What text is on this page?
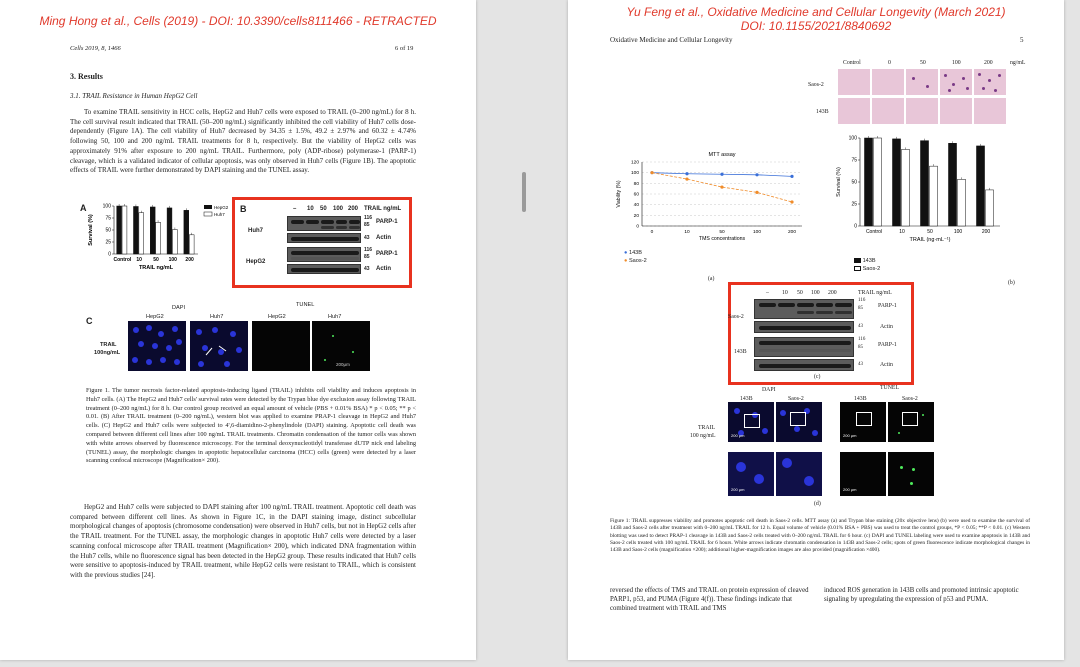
Ming Hong et al., Cells (2019) - DOI: 10.3390/cells8111466 - RETRACTED
Cells 2019, 8, 1466	6 of 19
3. Results
3.1. TRAIL Resistance in Human HepG2 Cell

To examine TRAIL sensitivity in HCC cells, HepG2 and Huh7 cells were exposed to TRAIL (0–200 ng/mL) for 8 h. The cell survival result indicated that TRAIL (50–200 ng/mL) significantly inhibited the cell viability of Huh7 cells dose-dependently (Figure 1A). The cell viability of Huh7 decreased by 34.35 ± 1.5%, 49.2 ± 2.97% and 60.32 ± 4.74% following 50, 100 and 200 ng/mL TRAIL treatments for 8 h, respectively. But the viability of HepG2 cells was approximately 91% after exposure to 200 ng/mL TRAIL. Furthermore, poly (ADP-ribose) polymerase-1 (PARP-1) cleavage, which is a validated indicator of cellular apoptosis, was only observed in Huh7 cells (Figure 1B). The apoptotic effects of TRAIL were further demonstrated by DAPI staining and the TUNEL assay.

A
0
25
50
75
100
Control 10 50 100 200
TRAIL ng/mL
Survival (%)
HepG2
Huh7
B	– 10 50 100 200 TRAIL ng/mL
Huh7
HepG2
116
85 PARP-1
43 Actin
116
85 PARP-1
43 Actin
C
DAPI	TUNEL
HepG2	Huh7	HepG2	Huh7
TRAIL
100ng/mL
200μm

Figure 1. The tumor necrosis factor-related apoptosis-inducing ligand (TRAIL) inhibits cell viability and induces apoptosis in Huh7 cells. (A) The HepG2 and Huh7 cells' survival rates were detected by the Trypan blue dye exclusion assay following TRAIL treatment (0–200 ng/mL) for 8 h. Our control group received an equal amount of vehicle (PBS + 0.01% BSA) * p < 0.05; ** p < 0.01. (B) After TRAIL treatment (0–200 ng/mL), western blot was applied to examine PRAP-1 cleavage in HepG2 and Huh7 cells. (C) HepG2 and Huh7 cells were subjected to 4',6-diamidino-2-phenylindole (DAPI) staining. Apoptotic cell death was compared between different cell lines after 100 ng/mL TRAIL treatments. Chromatin condensation of the tumor cells was shown with white arrows observed by fluorescence microscopy. For the terminal deoxynucleotidyl transferase dUTP nick end labeling (TUNEL) assay, the morphologic changes in apoptotic hepatocellular carcinoma (HCC) cells (green) were detected by a laser scanning confocal microscope (Magnification× 200).

HepG2 and Huh7 cells were subjected to DAPI staining after 100 ng/mL TRAIL treatment. Apoptotic cell death was compared between different cell lines. As shown in Figure 1C, in the DAPI staining image, distinct subcellular morphological changes of apoptosis (chromosome condensation) were observed in Huh7 cells, but not in HepG2 cells after the TRAIL treatment. For the TUNEL assay, the morphologic changes in apoptotic Huh7 cells were detected by a laser scanning confocal microscope after TRAIL treatment (Magnification× 200), which indicated DNA fragmentation within the Huh7 cells, while no fluorescence signal has been detected in the HepG2 group. These results indicated that Huh7 cells were sensitive to apoptosis-induced by TRAIL treatment, while HepG2 cells were resistant to TRAIL, which is consistent with the previous studies [24].

Yu Feng et al., Oxidative Medicine and Cellular Longevity (March 2021)
DOI: 10.1155/2021/8840692
Oxidative Medicine and Cellular Longevity	5
Control	0	50	100	200	ng/mL
Saos-2
143B
MTT assay
0
20
40
60
80
100
120
0	10	50	100	200
TMS concentrations
Viability (%)
● 143B
● Saos-2
(a)
0
25
50
75
100
Control	10	50	100	200
TRAIL (ng·mL⁻¹)
Survival (%)
143B
Saos-2
(b)
– 10 50 100 200	TRAIL ng/mL
Saos-2
143B
116
85	PARP-1
43	Actin
116
85	PARP-1
43	Actin
(c)
DAPI	TUNEL
143B	Saos-2	143B	Saos-2
TRAIL
100 ng/mL	200 μm
200 μm
200 μm
200 μm
(d)

Figure 1: TRAIL suppresses viability and promotes apoptotic cell death in Saos-2 cells. MTT assay (a) and Trypan blue staining (20x objective lens) (b) were used to examine the survival of 143B and Saos-2 cells after treatment with 0–200 ng/mL TRAIL for 12 h. Equal volume of vehicle (0.01% BSA + PBS) was used to treat the control groups, *P < 0.05; **P < 0.01. (c) Western blotting was used to detect PRAP-1 cleavage in 143B and Saos-2 cells treated with 0–200 ng/mL TRAIL for 6 hour. (c) DAPI and TUNEL labeling were used to examine apoptosis in 143B and Saos-2 cells treated with 100 ng/mL TRAIL for 6 hours. White arrows indicate chromatin condensation in 143B and Saos-2 cells; spots of green fluorescence indicate morphological changes in 143B and Saos-2 cells (magnification ×200); additional higher-magnification images are also provided (magnification ×400).

reversed the effects of TMS and TRAIL on protein expression of cleaved PARP1, p53, and PUMA (Figure 4(f)). These findings indicate that combined treatment with TRAIL and TMS

induced ROS generation in 143B cells and promoted intrinsic apoptotic signaling by upregulating the expression of p53 and PUMA.
